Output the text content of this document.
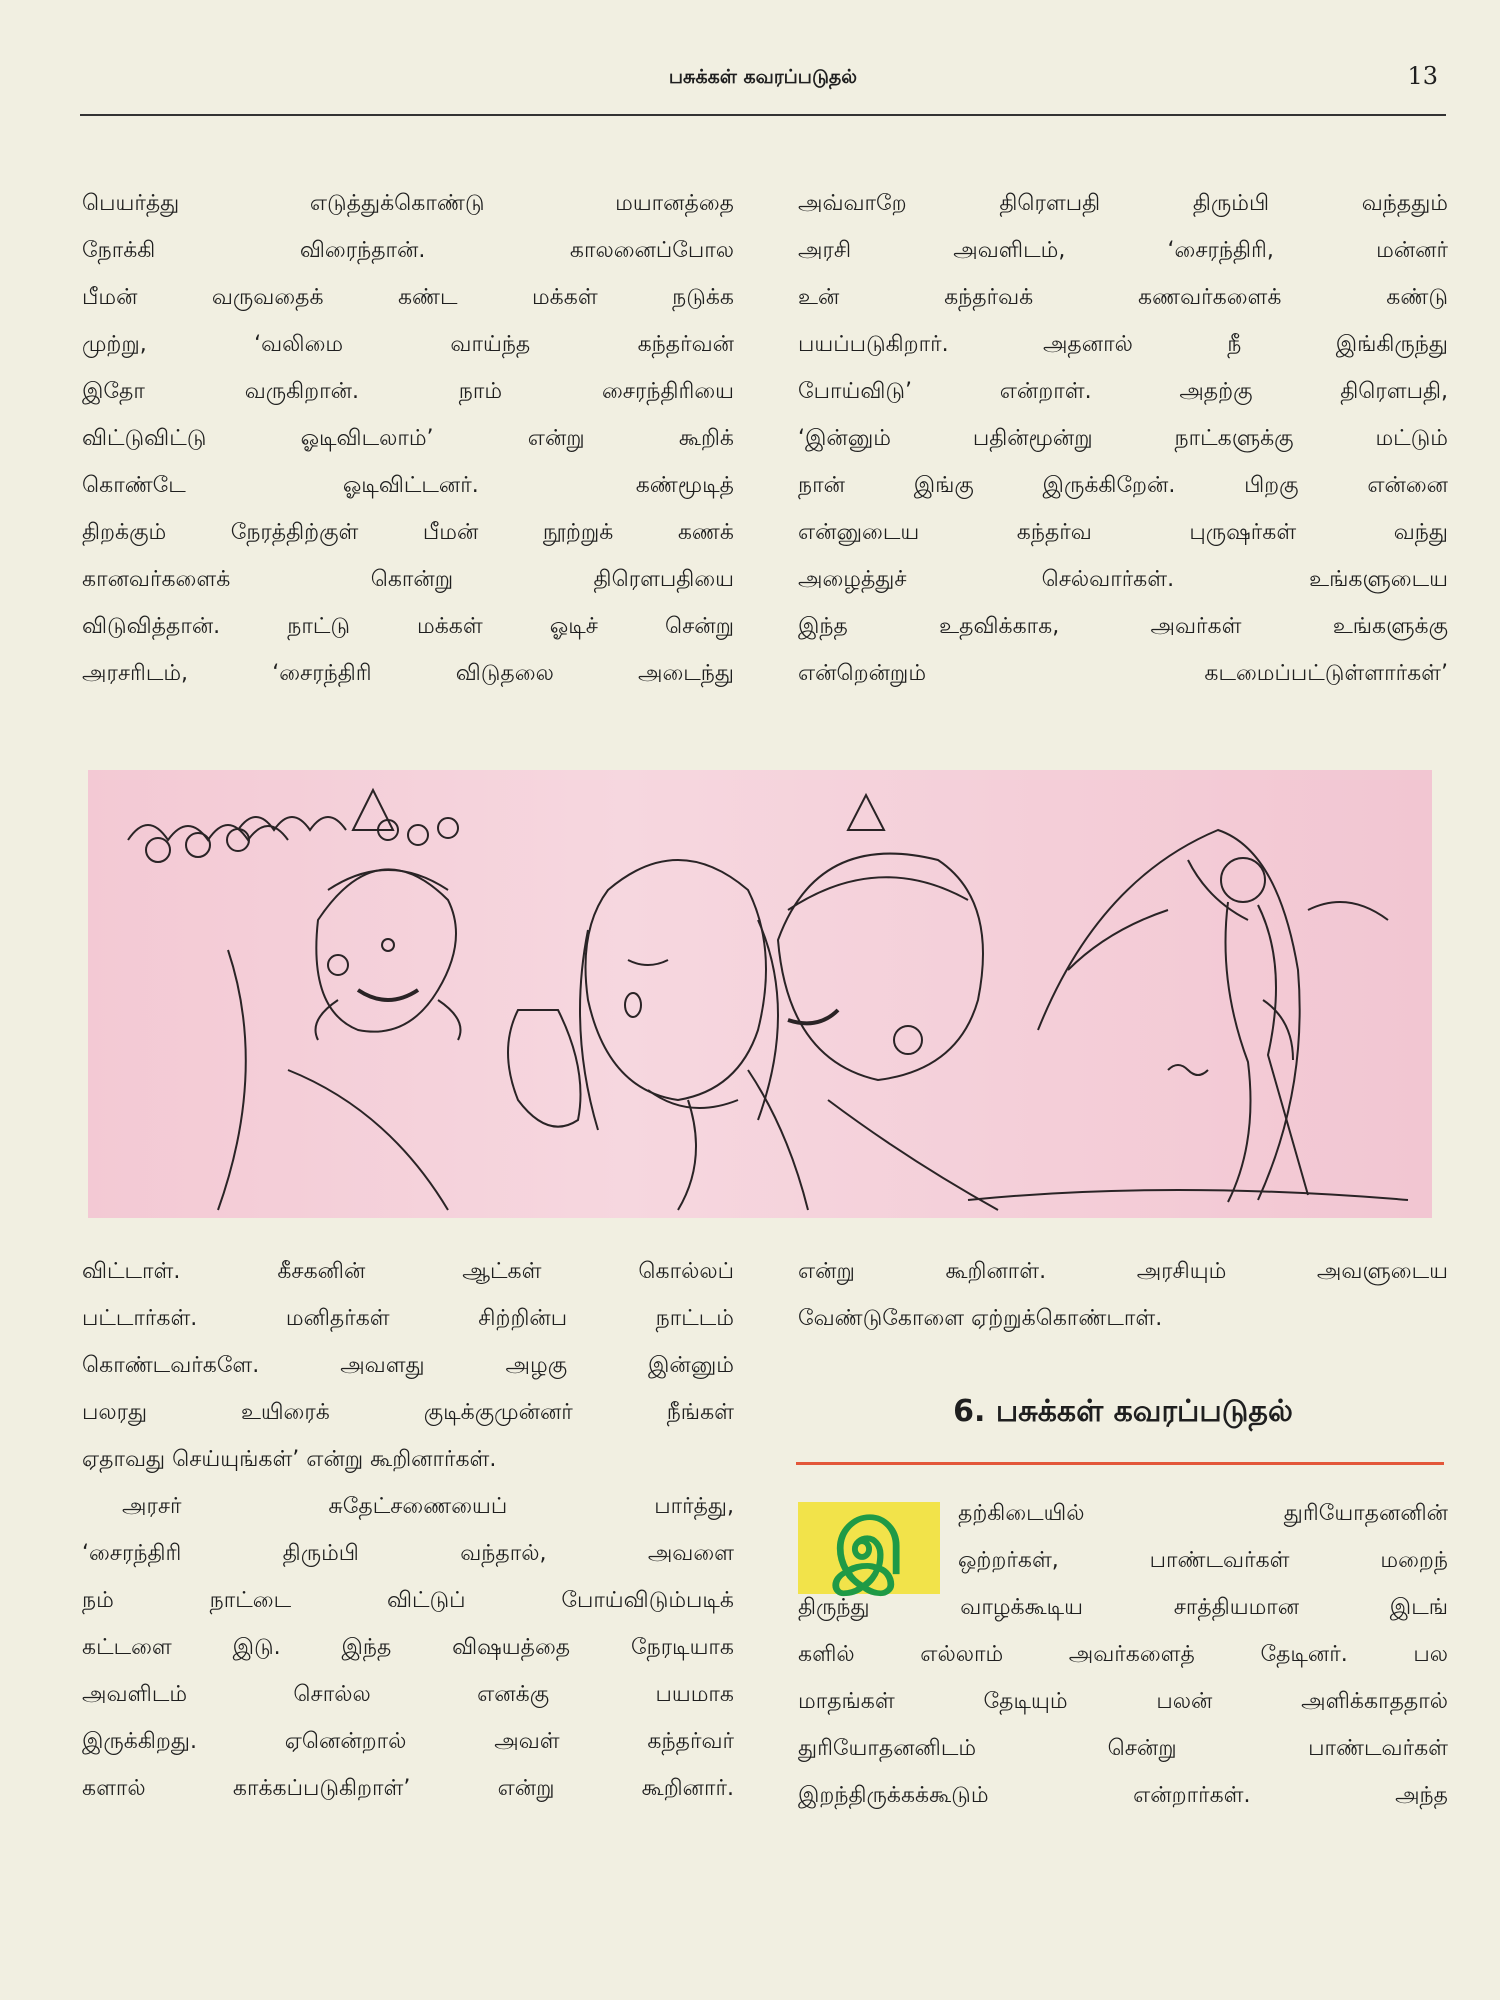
பசுக்கள் கவரப்படுதல்	13

பெயர்த்து எடுத்துக்கொண்டு மயானத்தை

நோக்கி விரைந்தான். காலனைப்போல

பீமன் வருவதைக் கண்ட மக்கள் நடுக்க

முற்று, ‘வலிமை வாய்ந்த கந்தர்வன்

இதோ வருகிறான். நாம் சைரந்திரியை

விட்டுவிட்டு ஓடிவிடலாம்’ என்று கூறிக்

கொண்டே ஓடிவிட்டனர். கண்மூடித்

திறக்கும் நேரத்திற்குள் பீமன் நூற்றுக் கணக்

கானவர்களைக் கொன்று திரௌபதியை

விடுவித்தான். நாட்டு மக்கள் ஓடிச் சென்று

அரசரிடம், ‘சைரந்திரி விடுதலை அடைந்து

அவ்வாறே திரௌபதி திரும்பி வந்ததும்

அரசி அவளிடம், ‘சைரந்திரி, மன்னர்

உன் கந்தர்வக் கணவர்களைக் கண்டு

பயப்படுகிறார். அதனால் நீ இங்கிருந்து

போய்விடு’ என்றாள். அதற்கு திரௌபதி,

‘இன்னும் பதின்மூன்று நாட்களுக்கு மட்டும்

நான் இங்கு இருக்கிறேன். பிறகு என்னை

என்னுடைய கந்தர்வ புருஷர்கள் வந்து

அழைத்துச் செல்வார்கள். உங்களுடைய

இந்த உதவிக்காக, அவர்கள் உங்களுக்கு

என்றென்றும் கடமைப்பட்டுள்ளார்கள்’

விட்டாள். கீசகனின் ஆட்கள் கொல்லப்

பட்டார்கள். மனிதர்கள் சிற்றின்ப நாட்டம்

கொண்டவர்களே. அவளது அழகு இன்னும்

பலரது உயிரைக் குடிக்குமுன்னர் நீங்கள்

ஏதாவது செய்யுங்கள்’ என்று கூறினார்கள்.

அரசர் சுதேட்சணையைப் பார்த்து,

‘சைரந்திரி திரும்பி வந்தால், அவளை

நம் நாட்டை விட்டுப் போய்விடும்படிக்

கட்டளை இடு. இந்த விஷயத்தை நேரடியாக

அவளிடம் சொல்ல எனக்கு பயமாக

இருக்கிறது. ஏனென்றால் அவள் கந்தர்வர்

களால் காக்கப்படுகிறாள்’ என்று கூறினார்.

என்று கூறினாள். அரசியும் அவளுடைய

வேண்டுகோளை ஏற்றுக்கொண்டாள்.

6. பசுக்கள் கவரப்படுதல்
இ	தற்கிடையில் துரியோதனனின்

ஒற்றர்கள், பாண்டவர்கள் மறைந்

திருந்து வாழக்கூடிய சாத்தியமான இடங்

களில் எல்லாம் அவர்களைத் தேடினர். பல

மாதங்கள் தேடியும் பலன் அளிக்காததால்

துரியோதனனிடம் சென்று பாண்டவர்கள்

இறந்திருக்கக்கூடும் என்றார்கள். அந்த
